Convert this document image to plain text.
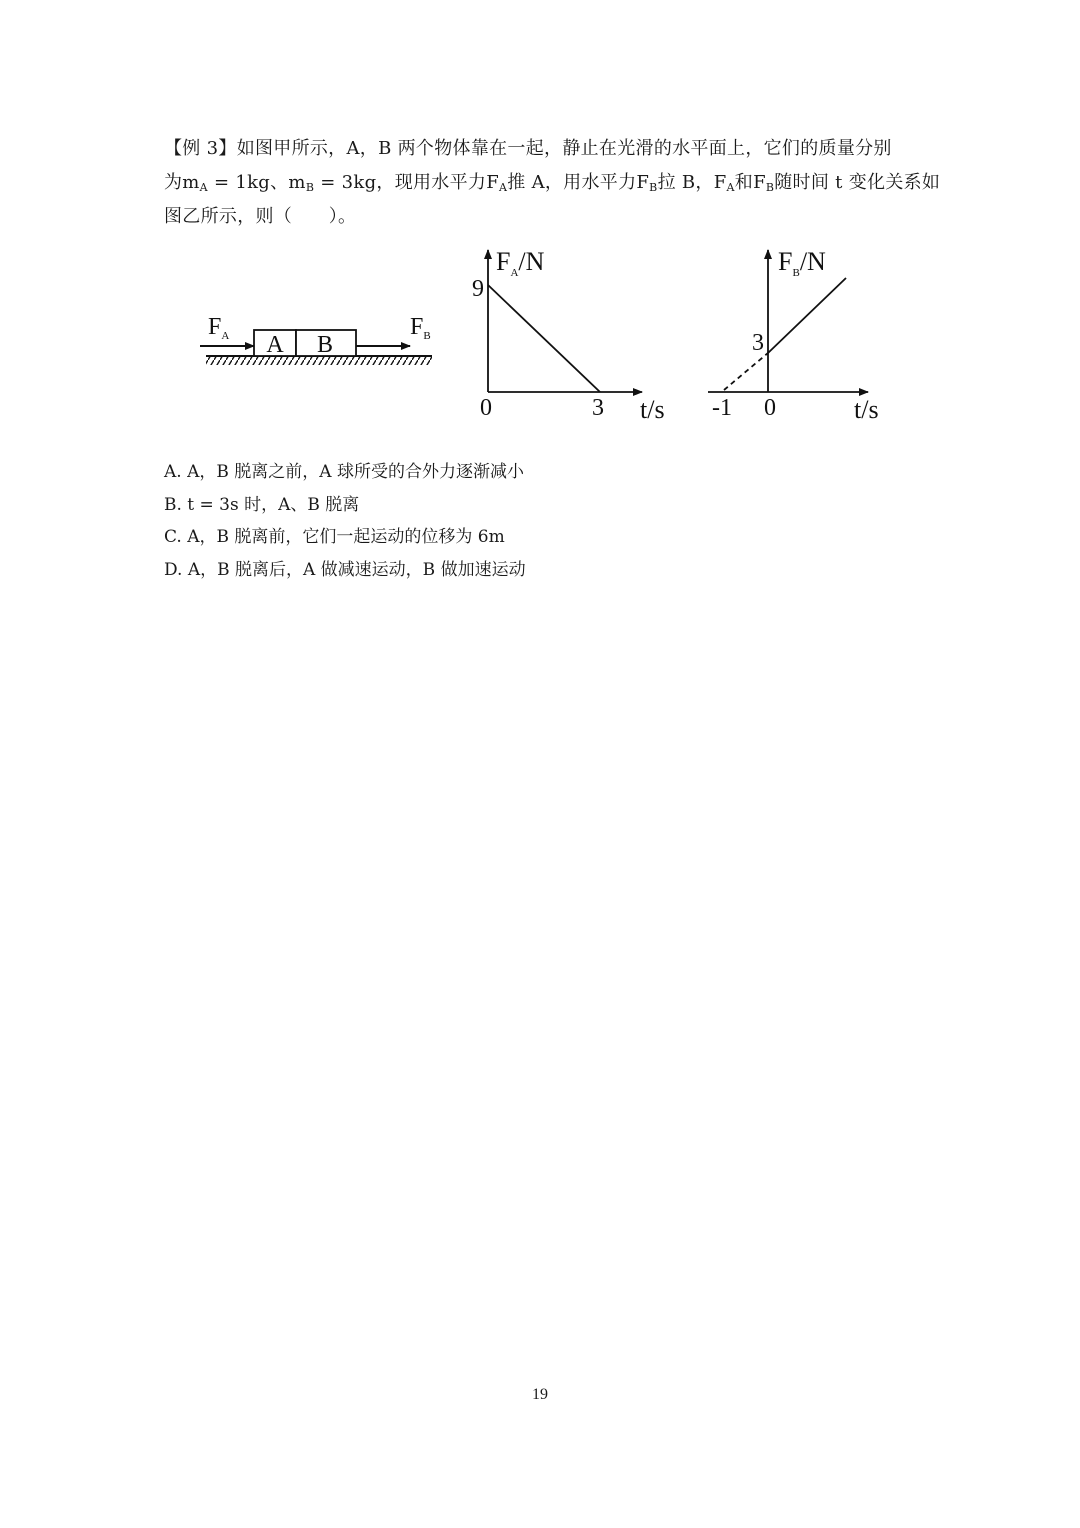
【例 3】如图甲所示，A，B 两个物体靠在一起，静止在光滑的水平面上，它们的质量分别
为$m_A = 1kg$、$m_B = 3kg$，现用水平力$F_A$推 A，用水平力$F_B$拉 B，$F_A$和$F_B$随时间 t 变化关系如
图乙所示，则（　　）。
A B
$F_A$	$F_B$
$F_A/N$
9
0	3 t/s
$F_B/N$
3
-1 0	t/s
A. A，B 脱离之前，A 球所受的合外力逐渐减小
B. t = 3s 时，A、B 脱离
C. A，B 脱离前，它们一起运动的位移为 6m
D. A，B 脱离后，A 做减速运动，B 做加速运动
19
